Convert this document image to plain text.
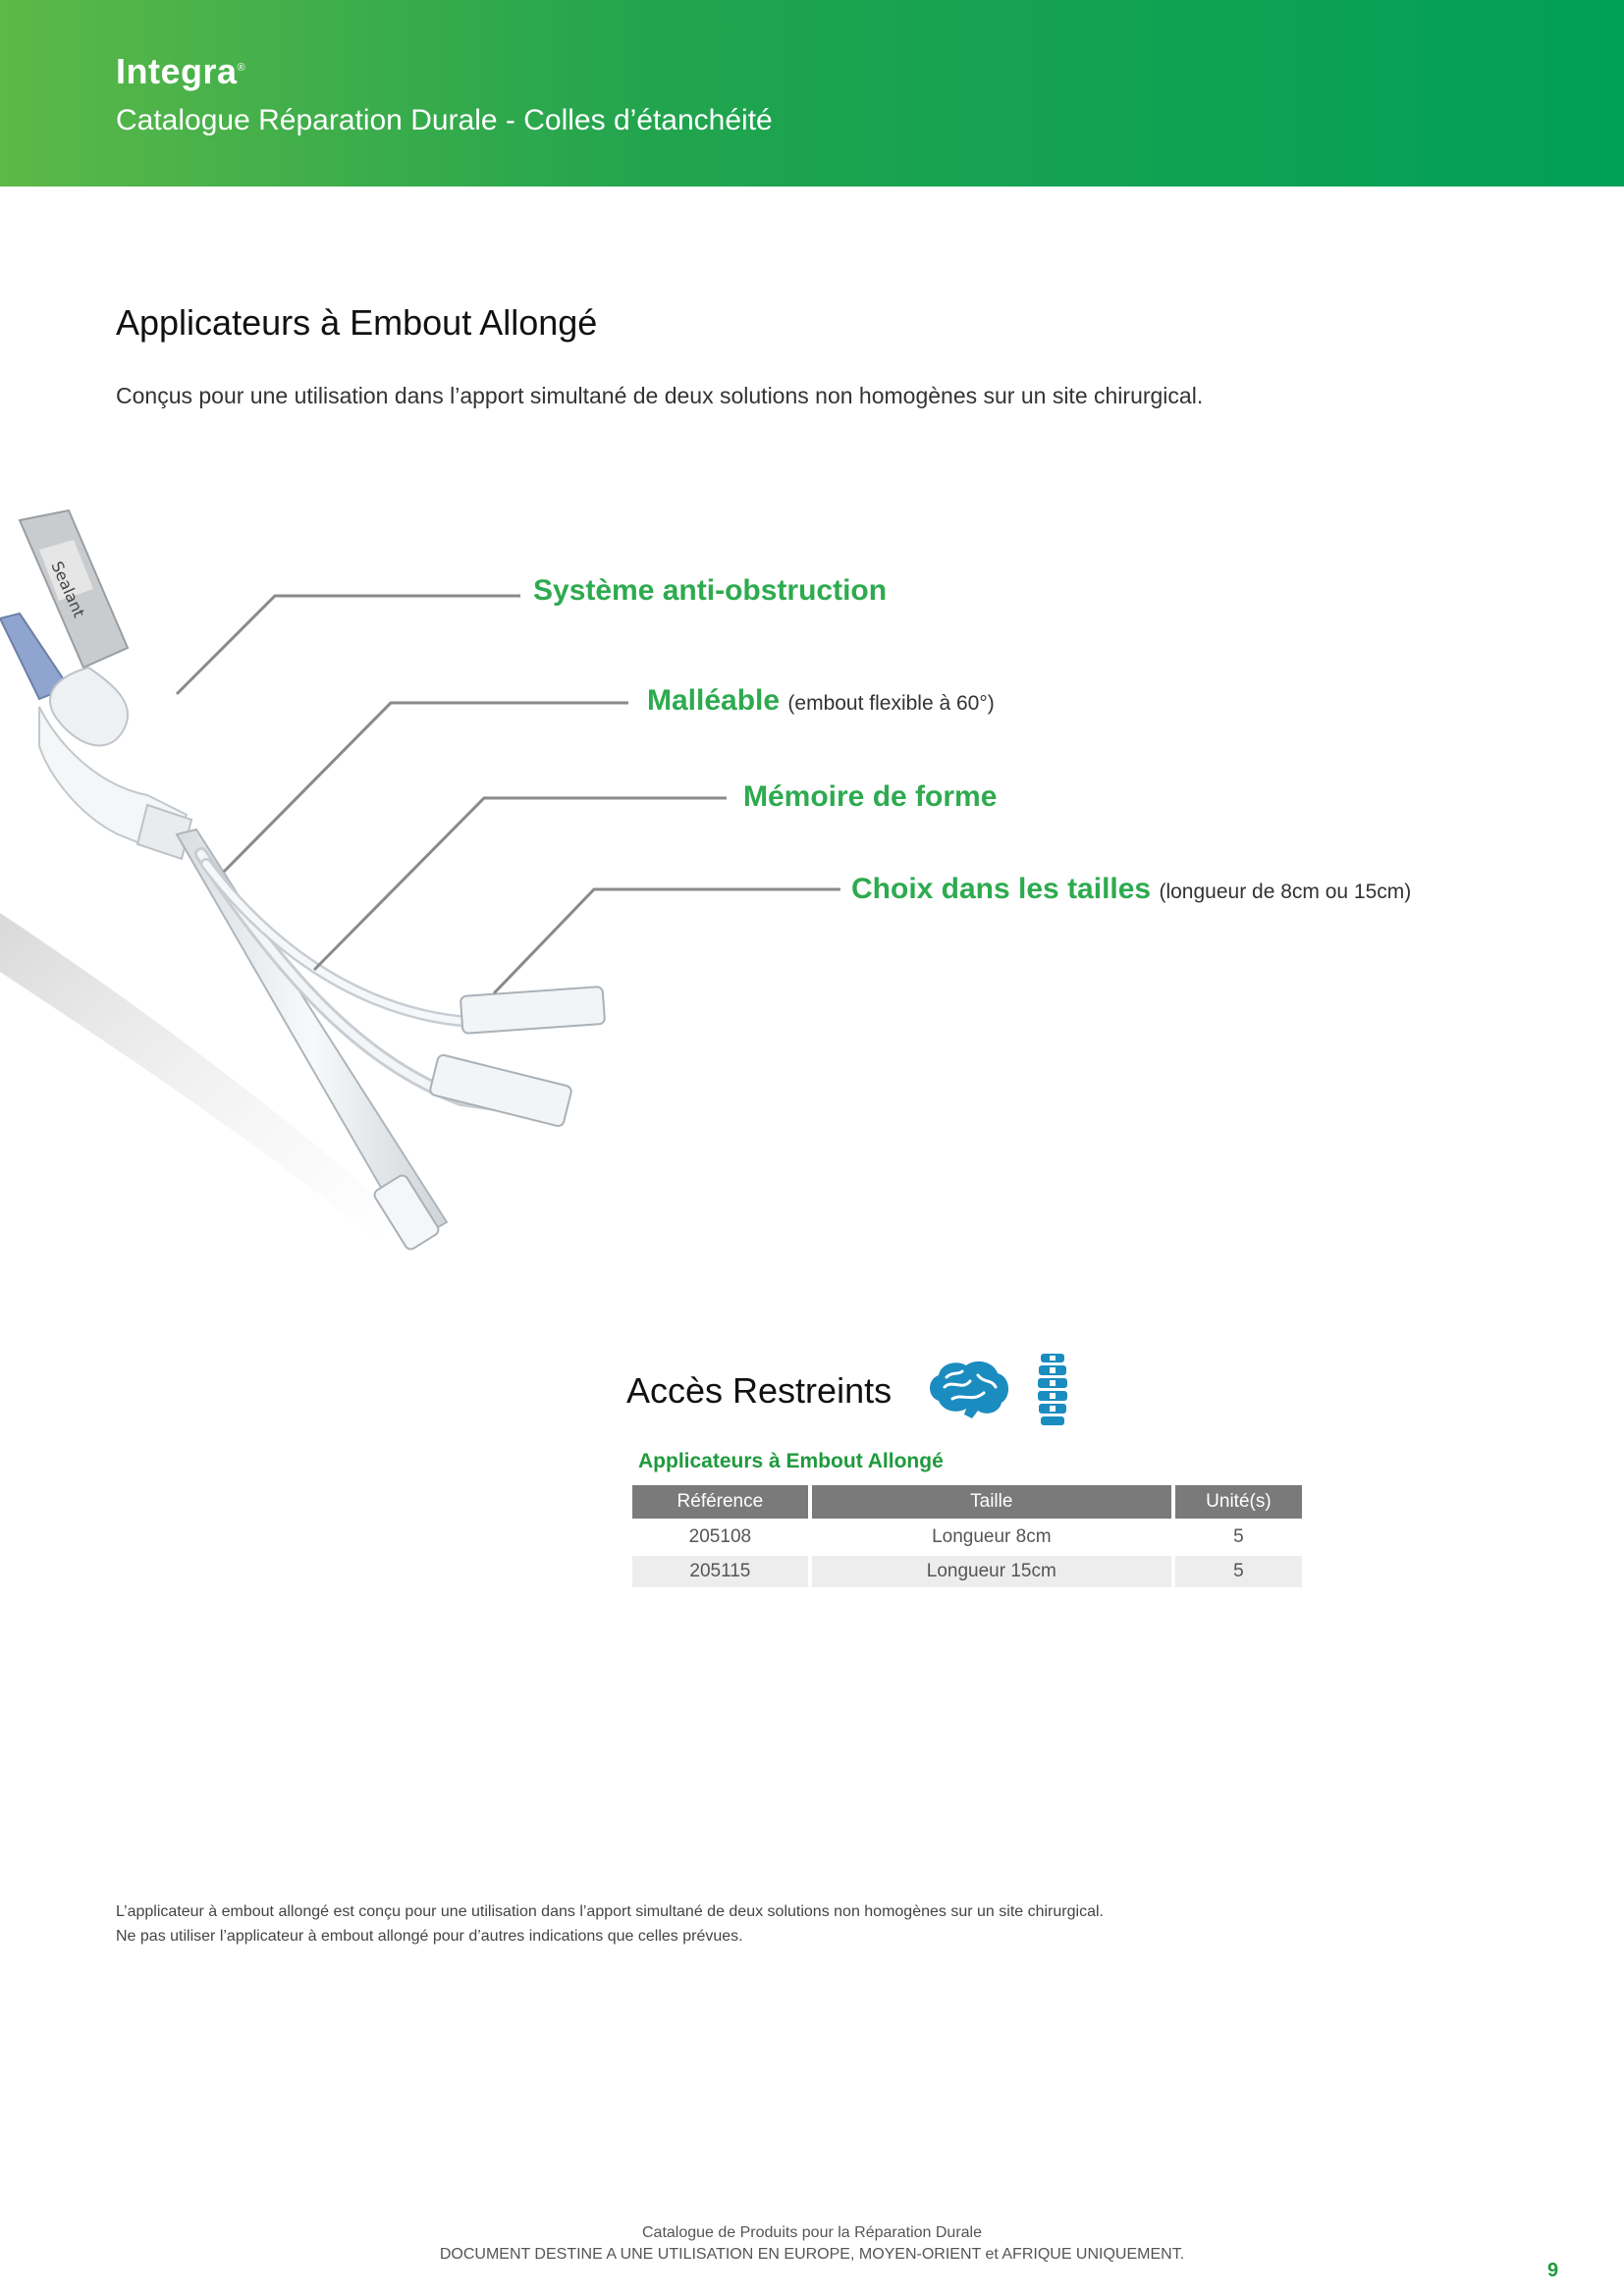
Integra®
Catalogue Réparation Durale - Colles d’étanchéité
Applicateurs à Embout Allongé
Conçus pour une utilisation dans l’apport simultané de deux solutions non homogènes sur un site chirurgical.
Sealant	Système anti-obstruction
Malléable (embout flexible à 60°)
Mémoire de forme
Choix dans les tailles (longueur de 8cm ou 15cm)
Accès Restreints
Applicateurs à Embout Allongé
Référence	Taille	Unité(s)
205108	Longueur 8cm	5
205115	Longueur 15cm	5
L’applicateur à embout allongé est conçu pour une utilisation dans l’apport simultané de deux solutions non homogènes sur un site chirurgical.
Ne pas utiliser l’applicateur à embout allongé pour d’autres indications que celles prévues.
Catalogue de Produits pour la Réparation Durale
DOCUMENT DESTINE A UNE UTILISATION EN EUROPE, MOYEN-ORIENT et AFRIQUE UNIQUEMENT.
9
